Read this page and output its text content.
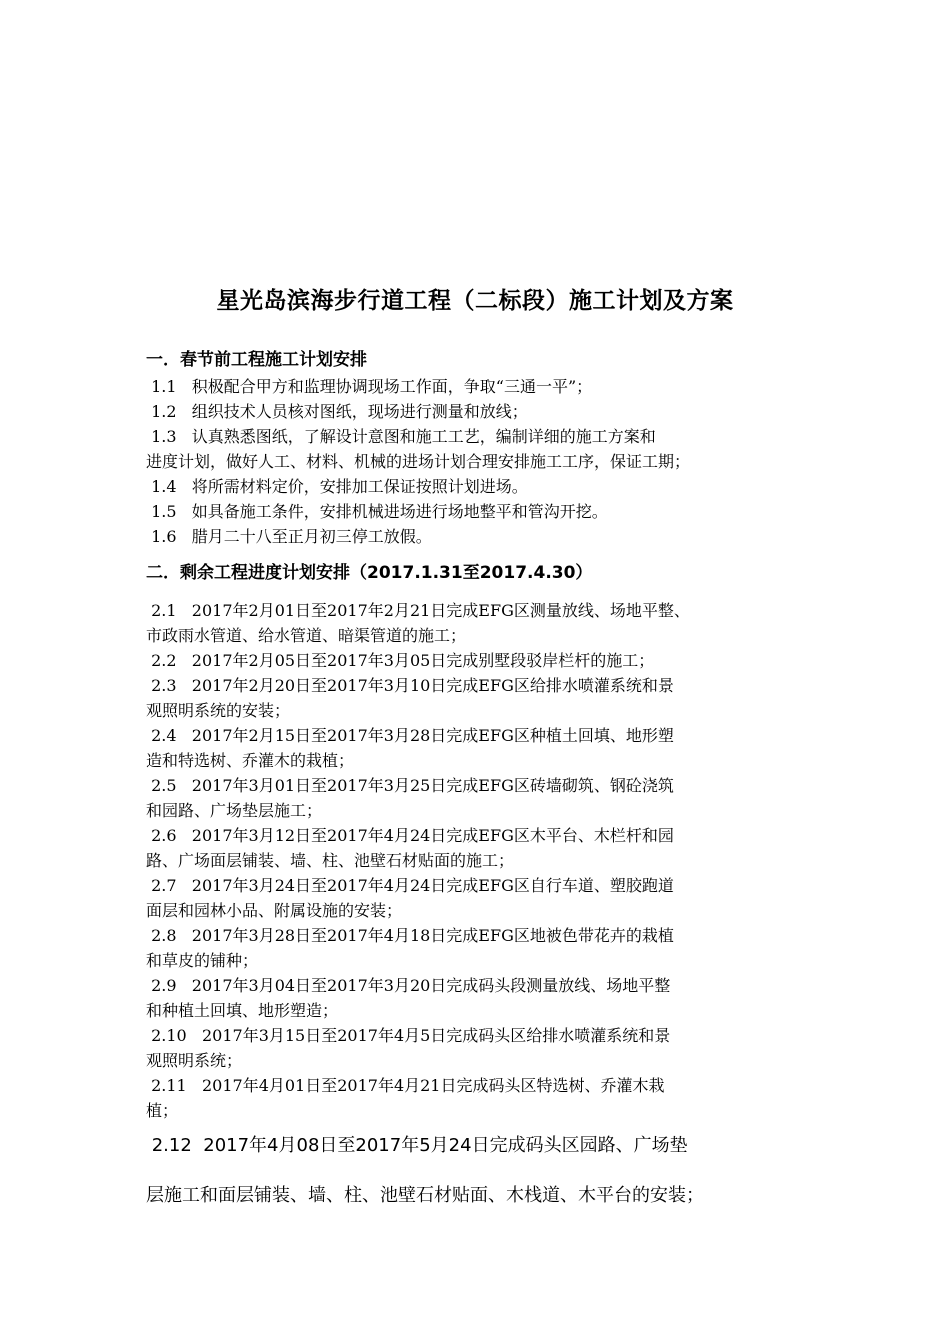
星光岛滨海步行道工程（二标段）施工计划及方案
一．春节前工程施工计划安排

1.1   积极配合甲方和监理协调现场工作面，争取“三通一平”；

1.2   组织技术人员核对图纸，现场进行测量和放线；

1.3   认真熟悉图纸，了解设计意图和施工工艺，编制详细的施工方案和

进度计划，做好人工、材料、机械的进场计划合理安排施工工序，保证工期；

1.4   将所需材料定价，安排加工保证按照计划进场。

1.5   如具备施工条件，安排机械进场进行场地整平和管沟开挖。

1.6   腊月二十八至正月初三停工放假。

二．剩余工程进度计划安排（2017.1.31至2017.4.30）

2.1   2017年2月01日至2017年2月21日完成EFG区测量放线、场地平整、

市政雨水管道、给水管道、暗渠管道的施工；

2.2   2017年2月05日至2017年3月05日完成别墅段驳岸栏杆的施工；

2.3   2017年2月20日至2017年3月10日完成EFG区给排水喷灌系统和景

观照明系统的安装；

2.4   2017年2月15日至2017年3月28日完成EFG区种植土回填、地形塑

造和特选树、乔灌木的栽植；

2.5   2017年3月01日至2017年3月25日完成EFG区砖墙砌筑、钢砼浇筑

和园路、广场垫层施工；

2.6   2017年3月12日至2017年4月24日完成EFG区木平台、木栏杆和园

路、广场面层铺装、墙、柱、池壁石材贴面的施工；

2.7   2017年3月24日至2017年4月24日完成EFG区自行车道、塑胶跑道

面层和园林小品、附属设施的安装；

2.8   2017年3月28日至2017年4月18日完成EFG区地被色带花卉的栽植

和草皮的铺种；

2.9   2017年3月04日至2017年3月20日完成码头段测量放线、场地平整

和种植土回填、地形塑造；

2.10   2017年3月15日至2017年4月5日完成码头区给排水喷灌系统和景

观照明系统；

2.11   2017年4月01日至2017年4月21日完成码头区特选树、乔灌木栽

植；

2.12  2017年4月08日至2017年5月24日完成码头区园路、广场垫

层施工和面层铺装、墙、柱、池壁石材贴面、木栈道、木平台的安装；
